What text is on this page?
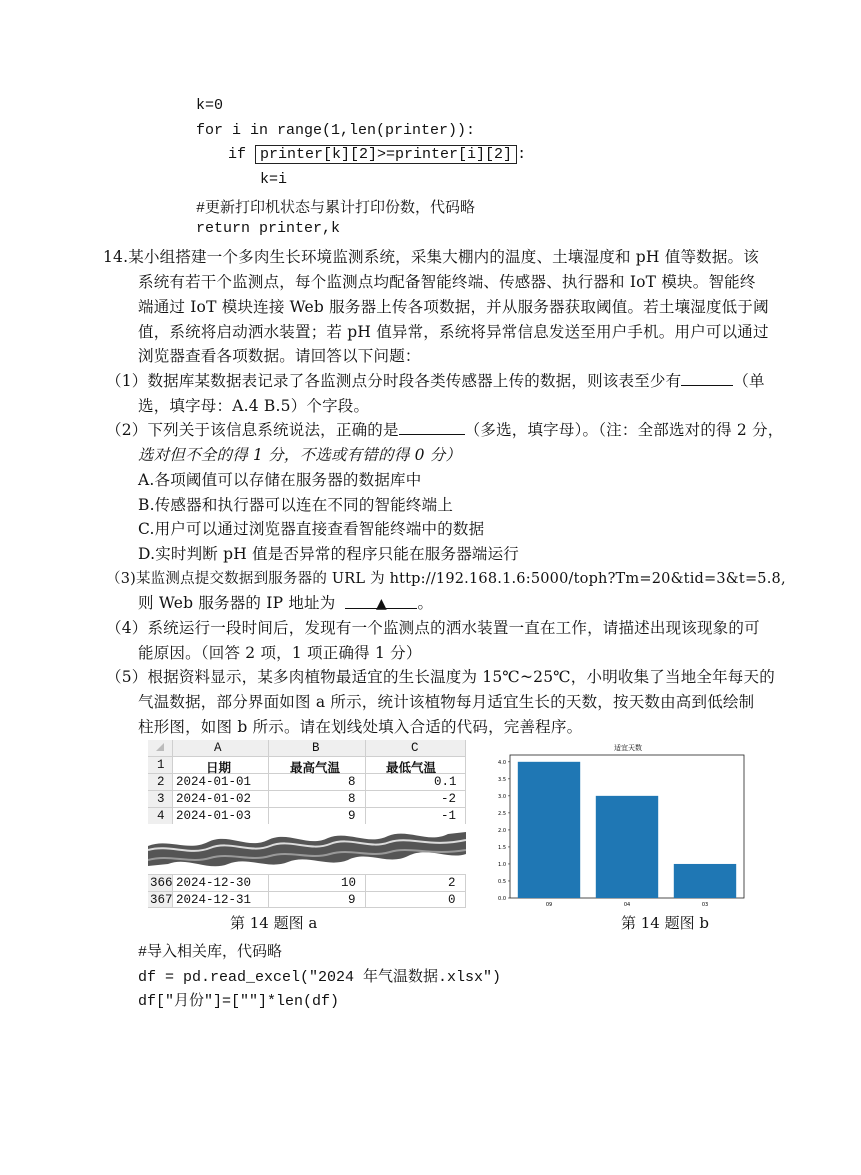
k=0
for i in range(1,len(printer)):
if printer[k][2]>=printer[i][2] :
k=i
#更新打印机状态与累计打印份数，代码略
return printer,k
14.某小组搭建一个多肉生长环境监测系统，采集大棚内的温度、土壤湿度和 pH 值等数据。该
系统有若干个监测点，每个监测点均配备智能终端、传感器、执行器和 IoT 模块。智能终
端通过 IoT 模块连接 Web 服务器上传各项数据，并从服务器获取阈值。若土壤湿度低于阈
值，系统将启动洒水装置；若 pH 值异常，系统将异常信息发送至用户手机。用户可以通过
浏览器查看各项数据。请回答以下问题：
（1）数据库某数据表记录了各监测点分时段各类传感器上传的数据，则该表至少有	（单
选，填字母：A.4 B.5）个字段。
（2）下列关于该信息系统说法，正确的是	（多选，填字母）。（注：全部选对的得 2 分，
选对但不全的得 1 分，不选或有错的得 0 分）
A.各项阈值可以存储在服务器的数据库中
B.传感器和执行器可以连在不同的智能终端上
C.用户可以通过浏览器直接查看智能终端中的数据
D.实时判断 pH 值是否异常的程序只能在服务器端运行
（3)某监测点提交数据到服务器的 URL 为 http://192.168.1.6:5000/toph?Tm=20&tid=3&t=5.8,
则 Web 服务器的 IP 地址为	▲ 。
（4）系统运行一段时间后，发现有一个监测点的洒水装置一直在工作，请描述出现该现象的可
能原因。（回答 2 项，1 项正确得 1 分）
（5）根据资料显示，某多肉植物最适宜的生长温度为 15℃~25℃，小明收集了当地全年每天的
气温数据，部分界面如图 a 所示，统计该植物每月适宜生长的天数，按天数由高到低绘制
柱形图，如图 b 所示。请在划线处填入合适的代码，完善程序。
A	B	C
1	日期	最高气温	最低气温
2 2024-01-01	8	0.1
3 2024-01-02	8	-2
4 2024-01-03	9	-1
366 2024-12-30	10	2
367 2024-12-31	9	0
第 14 题图 a
适宜天数
0.0
0.5
1.0
1.5
2.0
2.5
3.0
3.5
4.0
09	04	03
第 14 题图 b
#导入相关库，代码略
df = pd.read_excel("2024 年气温数据.xlsx")
df["月份"]=[""]*len(df)
